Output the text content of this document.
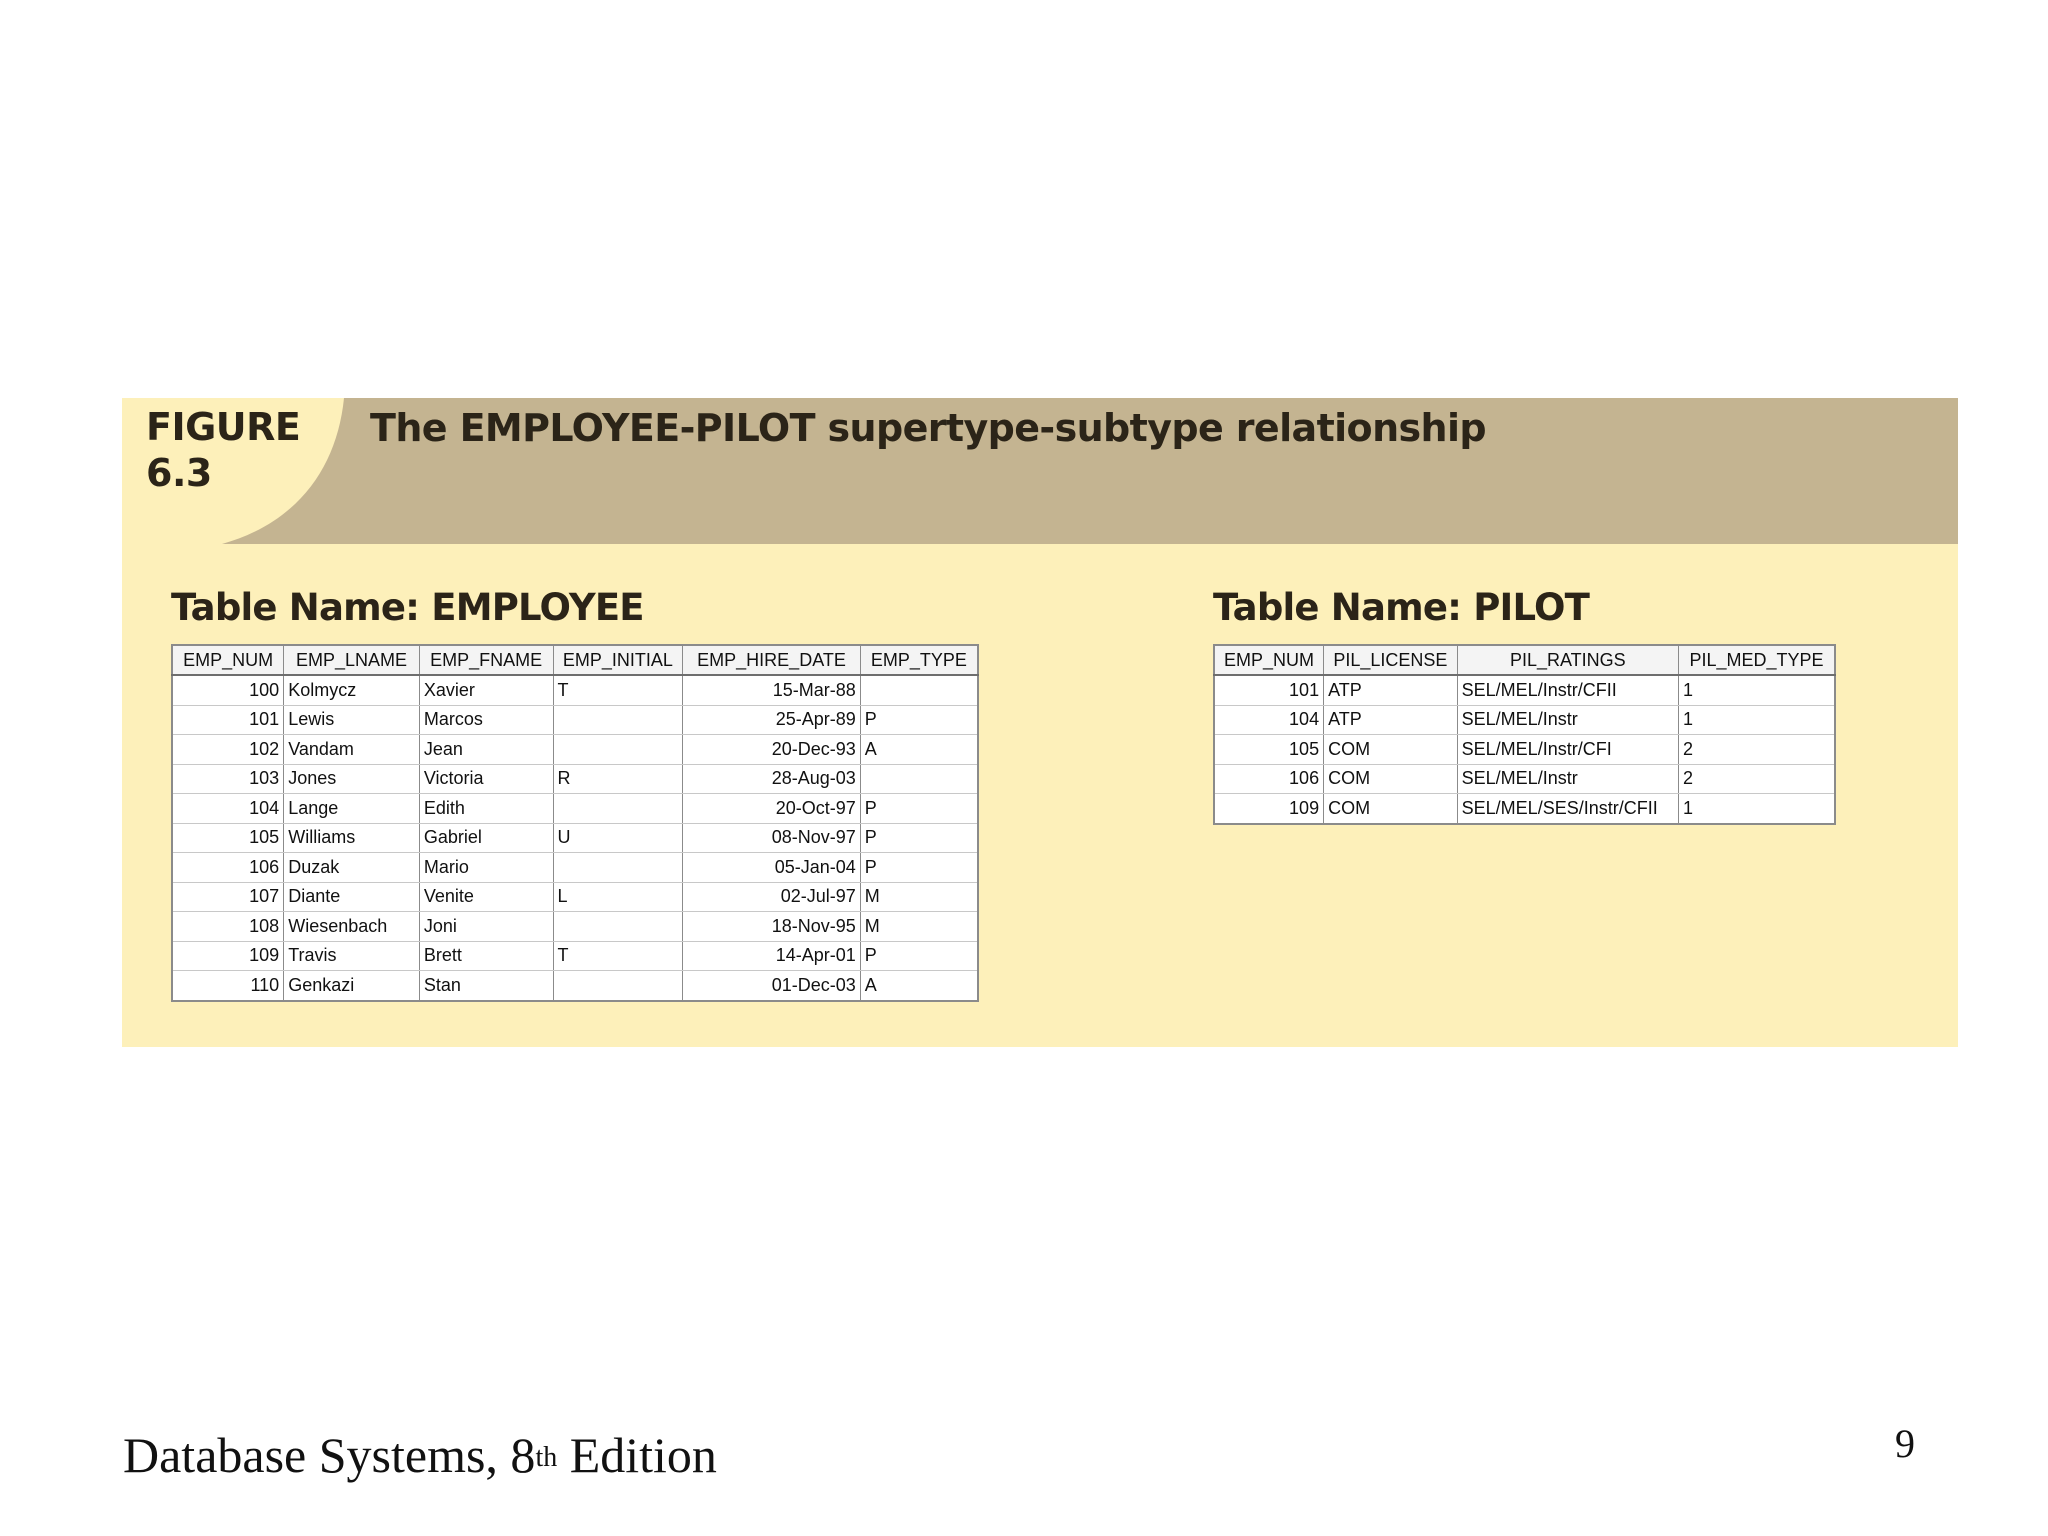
FIGURE
6.3
The EMPLOYEE-PILOT supertype-subtype relationship
Table Name: EMPLOYEE
EMP_NUM	EMP_LNAME	EMP_FNAME	EMP_INITIAL	EMP_HIRE_DATE	EMP_TYPE
100	Kolmycz	Xavier	T	15-Mar-88	
101	Lewis	Marcos		25-Apr-89	P
102	Vandam	Jean		20-Dec-93	A
103	Jones	Victoria	R	28-Aug-03	
104	Lange	Edith		20-Oct-97	P
105	Williams	Gabriel	U	08-Nov-97	P
106	Duzak	Mario		05-Jan-04	P
107	Diante	Venite	L	02-Jul-97	M
108	Wiesenbach	Joni		18-Nov-95	M
109	Travis	Brett	T	14-Apr-01	P
110	Genkazi	Stan		01-Dec-03	A
Table Name: PILOT
EMP_NUM	PIL_LICENSE	PIL_RATINGS	PIL_MED_TYPE
101	ATP	SEL/MEL/Instr/CFII	1
104	ATP	SEL/MEL/Instr	1
105	COM	SEL/MEL/Instr/CFI	2
106	COM	SEL/MEL/Instr	2
109	COM	SEL/MEL/SES/Instr/CFII	1
Database Systems, 8th Edition	9
